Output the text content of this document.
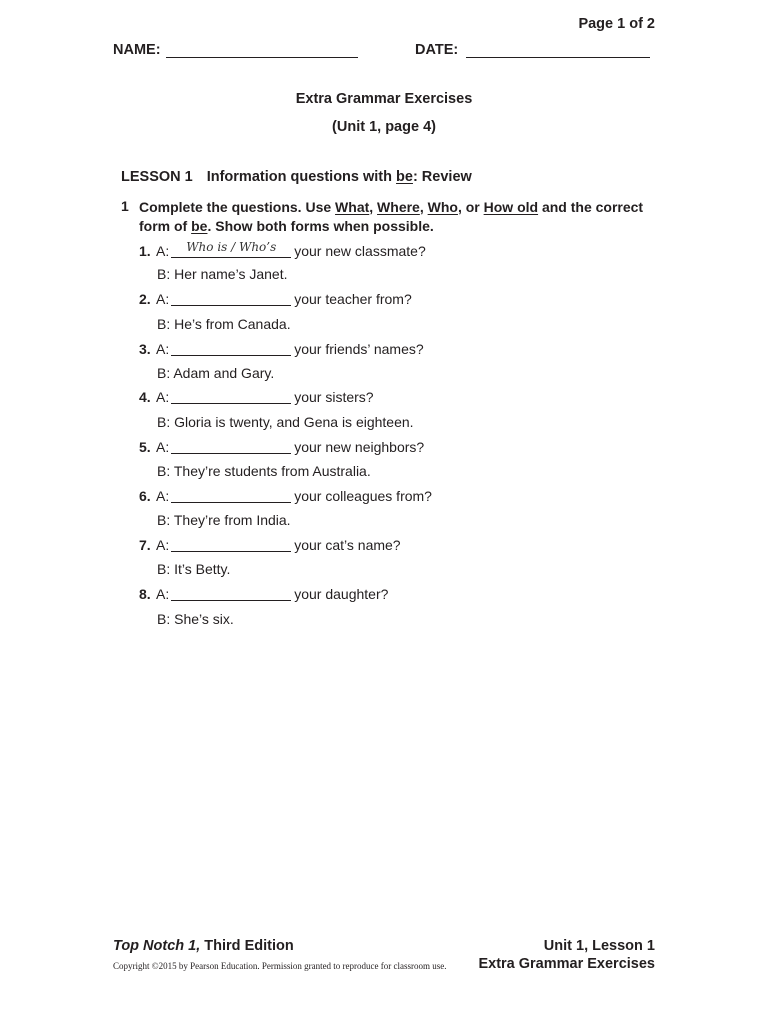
Page 1 of 2
NAME:	DATE:
Extra Grammar Exercises
(Unit 1, page 4)
LESSON 1 Information questions with be: Review
1 Complete the questions. Use What, Where, Who, or How old and the correct form of be. Show both forms when possible.
1. A:	Who is / Who’s	your new classmate?
B: Her name’s Janet.
2. A:	your teacher from?
B: He’s from Canada.
3. A:	your friends’ names?
B: Adam and Gary.
4. A:	your sisters?
B: Gloria is twenty, and Gena is eighteen.
5. A:	your new neighbors?
B: They’re students from Australia.
6. A:	your colleagues from?
B: They’re from India.
7. A:	your cat’s name?
B: It’s Betty.
8. A:	your daughter?
B: She’s six.
Top Notch 1, Third Edition
Copyright ©2015 by Pearson Education. Permission granted to reproduce for classroom use.
Unit 1, Lesson 1
Extra Grammar Exercises
